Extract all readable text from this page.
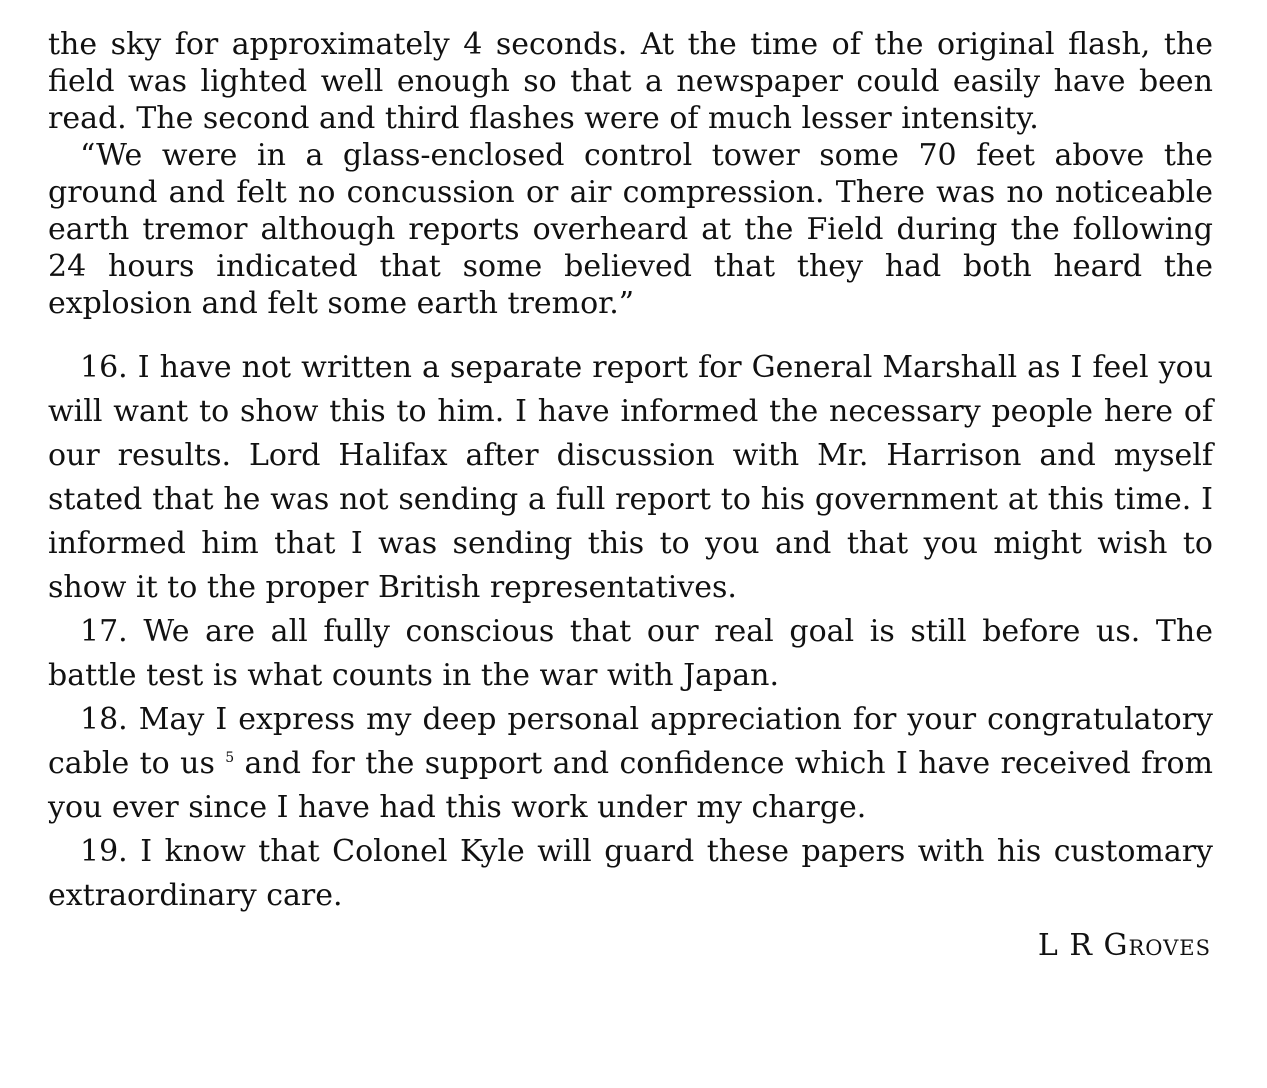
the sky for approximately 4 seconds. At the time of the original flash, the field was lighted well enough so that a newspaper could easily have been read. The second and third flashes were of much lesser intensity.

“We were in a glass-enclosed control tower some 70 feet above the ground and felt no concussion or air compression. There was no noticeable earth tremor although reports overheard at the Field during the following 24 hours indicated that some believed that they had both heard the explosion and felt some earth tremor.”

16. I have not written a separate report for General Marshall as I feel you will want to show this to him. I have informed the necessary people here of our results. Lord Halifax after discussion with Mr. Harrison and myself stated that he was not sending a full report to his government at this time. I informed him that I was sending this to you and that you might wish to show it to the proper British representatives.

17. We are all fully conscious that our real goal is still before us. The battle test is what counts in the war with Japan.

18. May I express my deep personal appreciation for your congratulatory cable to us $^5$ and for the support and confidence which I have received from you ever since I have had this work under my charge.

19. I know that Colonel Kyle will guard these papers with his customary extraordinary care.

L R Groves
